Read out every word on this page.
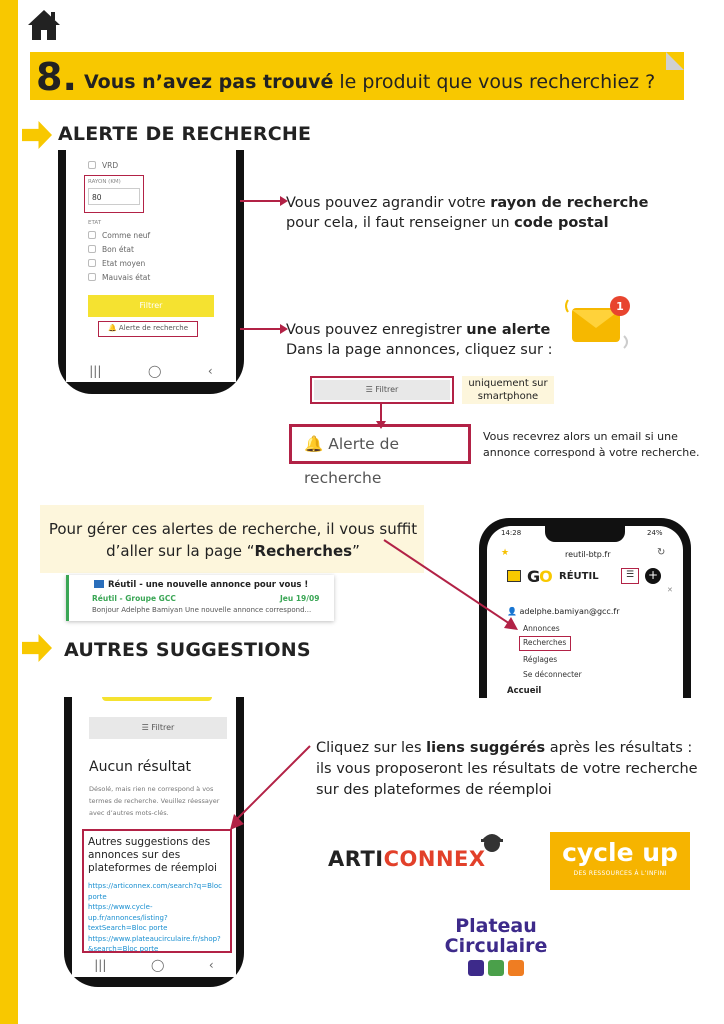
8. Vous n’avez pas trouvé le produit que vous recherchiez ?
ALERTE DE RECHERCHE
VRD
RAYON (KM)
80
ETAT
Comme neuf
Bon état
Etat moyen
Mauvais état
Filtrer
🔔 Alerte de recherche
|||	◯	‹
Vous pouvez agrandir votre rayon de recherche
pour cela, il faut renseigner un code postal
Vous pouvez enregistrer une alerte
Dans la page annonces, cliquez sur :
1
☰ Filtrer
uniquement sur smartphone
🔔 Alerte de recherche
Vous recevrez alors un email si une annonce correspond à votre recherche.
Pour gérer ces alertes de recherche, il vous suffit d’aller sur la page “Recherches”
Réutil - une nouvelle annonce pour vous !
Réutil - Groupe GCC	Jeu 19/09
Bonjour Adelphe Bamiyan Une nouvelle annonce correspond...
14:28	24%
★	reutil-btp.fr	↻
GO RÉUTIL	☰	+
✕
👤 adelphe.bamiyan@gcc.fr
Annonces
Recherches
Réglages
Se déconnecter
Accueil
AUTRES SUGGESTIONS
☰ Filtrer
Aucun résultat
Désolé, mais rien ne correspond à vos termes de recherche. Veuillez réessayer avec d’autres mots-clés.
Autres suggestions des annonces sur des plateformes de réemploi
https://articonnex.com/search?q=Bloc porte
https://www.cycle-up.fr/annonces/listing?textSearch=Bloc porte
https://www.plateaucirculaire.fr/shop?&search=Bloc porte
|||	◯	‹
Cliquez sur les liens suggérés après les résultats :
ils vous proposeront les résultats de votre recherche
sur des plateformes de réemploi
ARTICONNEX	cycle up
DES RESSOURCES À L’INFINI
Plateau
Circulaire
